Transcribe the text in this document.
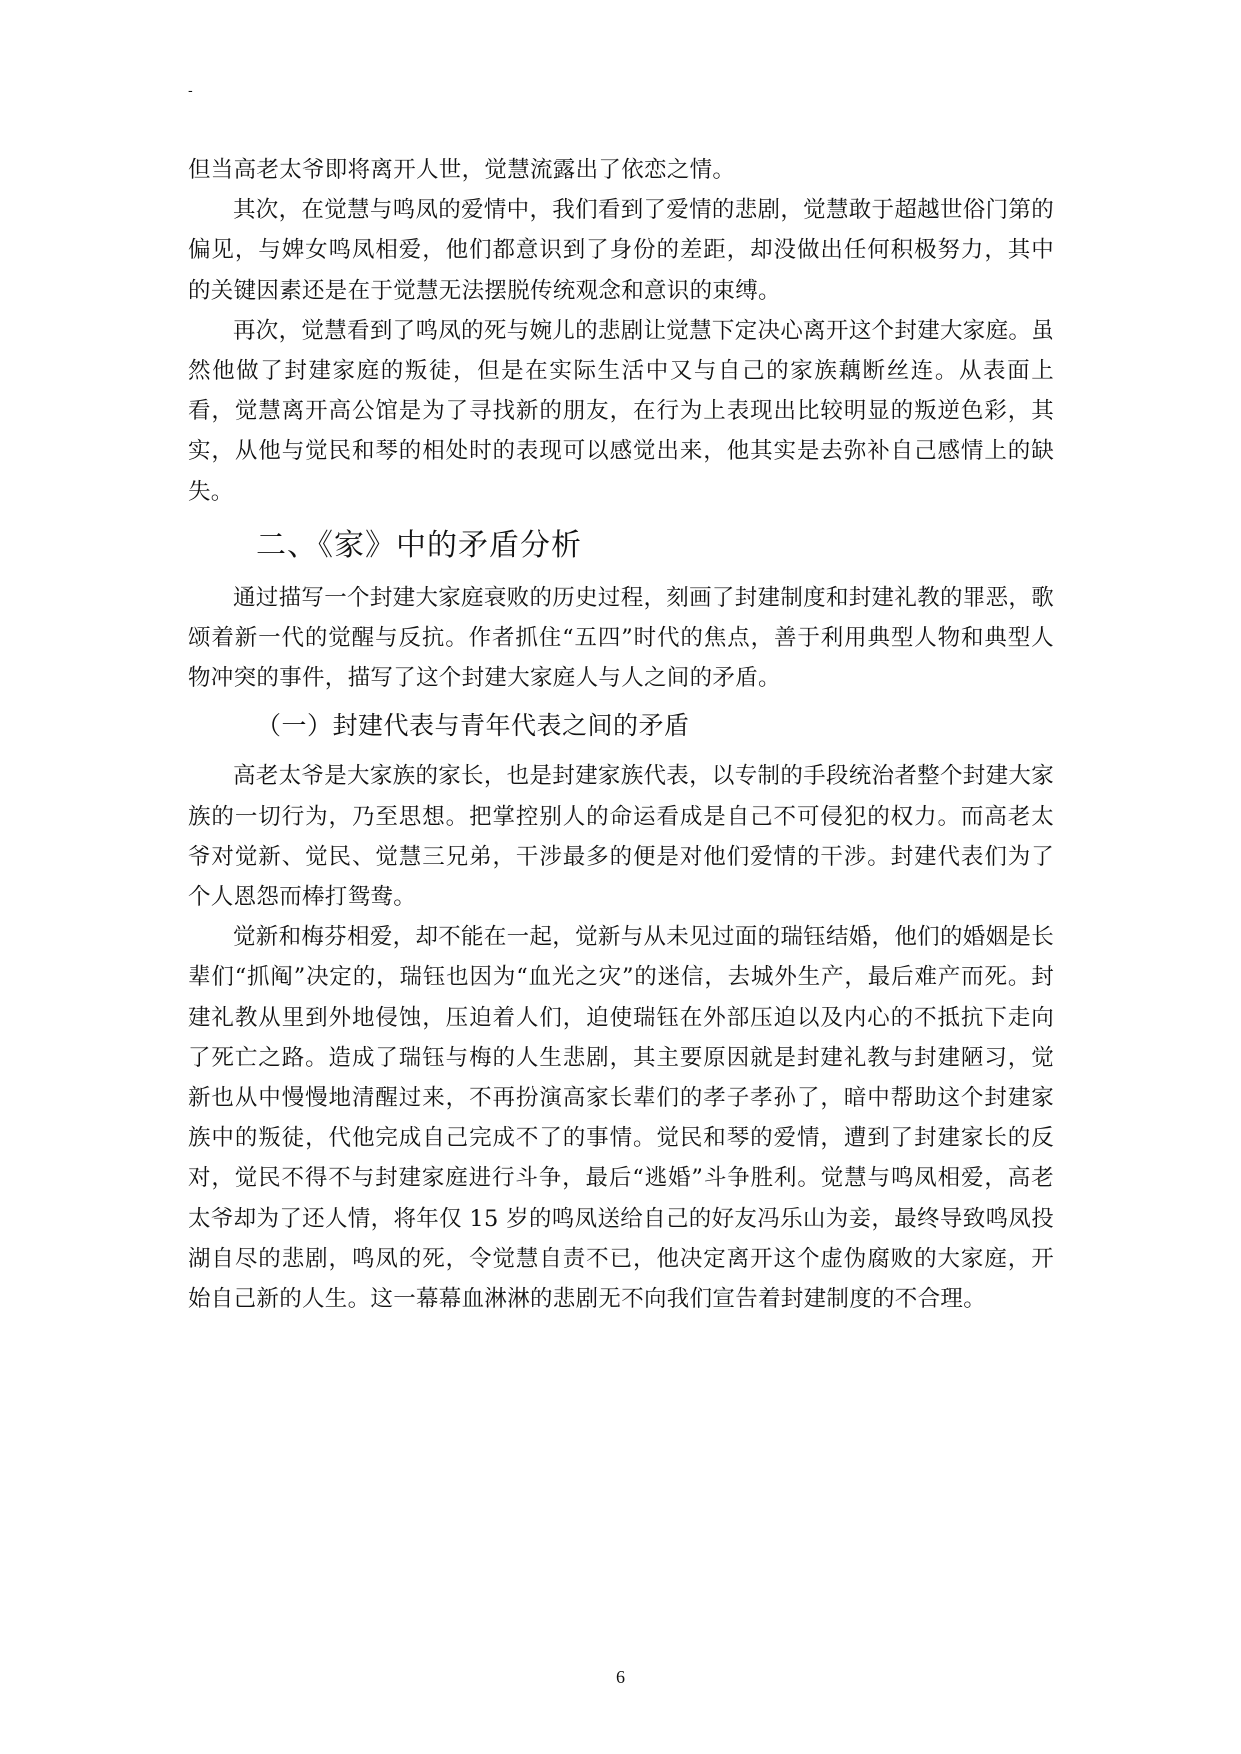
-

但当高老太爷即将离开人世，觉慧流露出了依恋之情。

其次，在觉慧与鸣凤的爱情中，我们看到了爱情的悲剧，觉慧敢于超越世俗门第的偏见，与婢女鸣凤相爱，他们都意识到了身份的差距，却没做出任何积极努力，其中的关键因素还是在于觉慧无法摆脱传统观念和意识的束缚。

再次，觉慧看到了鸣凤的死与婉儿的悲剧让觉慧下定决心离开这个封建大家庭。虽然他做了封建家庭的叛徒，但是在实际生活中又与自己的家族藕断丝连。从表面上看，觉慧离开高公馆是为了寻找新的朋友，在行为上表现出比较明显的叛逆色彩，其实，从他与觉民和琴的相处时的表现可以感觉出来，他其实是去弥补自己感情上的缺失。

二、《家》中的矛盾分析

通过描写一个封建大家庭衰败的历史过程，刻画了封建制度和封建礼教的罪恶，歌颂着新一代的觉醒与反抗。作者抓住“五四”时代的焦点，善于利用典型人物和典型人物冲突的事件，描写了这个封建大家庭人与人之间的矛盾。

（一）封建代表与青年代表之间的矛盾

高老太爷是大家族的家长，也是封建家族代表，以专制的手段统治者整个封建大家族的一切行为，乃至思想。把掌控别人的命运看成是自己不可侵犯的权力。而高老太爷对觉新、觉民、觉慧三兄弟，干涉最多的便是对他们爱情的干涉。封建代表们为了个人恩怨而棒打鸳鸯。

觉新和梅芬相爱，却不能在一起，觉新与从未见过面的瑞钰结婚，他们的婚姻是长辈们“抓阄”决定的，瑞钰也因为“血光之灾”的迷信，去城外生产，最后难产而死。封建礼教从里到外地侵蚀，压迫着人们，迫使瑞钰在外部压迫以及内心的不抵抗下走向了死亡之路。造成了瑞钰与梅的人生悲剧，其主要原因就是封建礼教与封建陋习，觉新也从中慢慢地清醒过来，不再扮演高家长辈们的孝子孝孙了，暗中帮助这个封建家族中的叛徒，代他完成自己完成不了的事情。觉民和琴的爱情，遭到了封建家长的反对，觉民不得不与封建家庭进行斗争，最后“逃婚”斗争胜利。觉慧与鸣凤相爱，高老太爷却为了还人情，将年仅 15 岁的鸣凤送给自己的好友冯乐山为妾，最终导致鸣凤投湖自尽的悲剧，鸣凤的死，令觉慧自责不已，他决定离开这个虚伪腐败的大家庭，开始自己新的人生。这一幕幕血淋淋的悲剧无不向我们宣告着封建制度的不合理。

6
